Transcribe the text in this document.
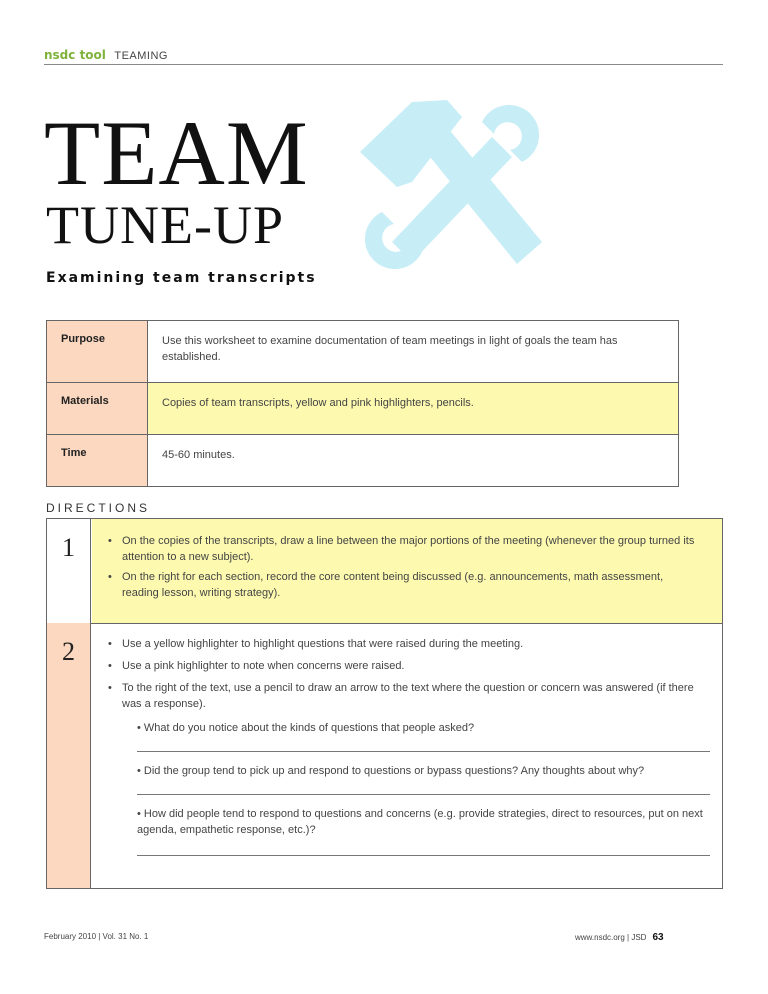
nsdc tool TEAMING
TEAM
TUNE-UP
Examining team transcripts
Purpose	Use this worksheet to examine documentation of team meetings in light of goals the team has established.
Materials	Copies of team transcripts, yellow and pink highlighters, pencils.
Time	45-60 minutes.
DIRECTIONS
1	• On the copies of the transcripts, draw a line between the major portions of the meeting (whenever the group turned its attention to a new subject).
• On the right for each section, record the core content being discussed (e.g. announcements, math assessment, reading lesson, writing strategy).
2	• Use a yellow highlighter to highlight questions that were raised during the meeting.
• Use a pink highlighter to note when concerns were raised.
• To the right of the text, use a pencil to draw an arrow to the text where the question or concern was answered (if there was a response).
• What do you notice about the kinds of questions that people asked?
• Did the group tend to pick up and respond to questions or bypass questions? Any thoughts about why?
• How did people tend to respond to questions and concerns (e.g. provide strategies, direct to resources, put on next agenda, empathetic response, etc.)?
February 2010 | Vol. 31 No. 1	www.nsdc.org | JSD 63
